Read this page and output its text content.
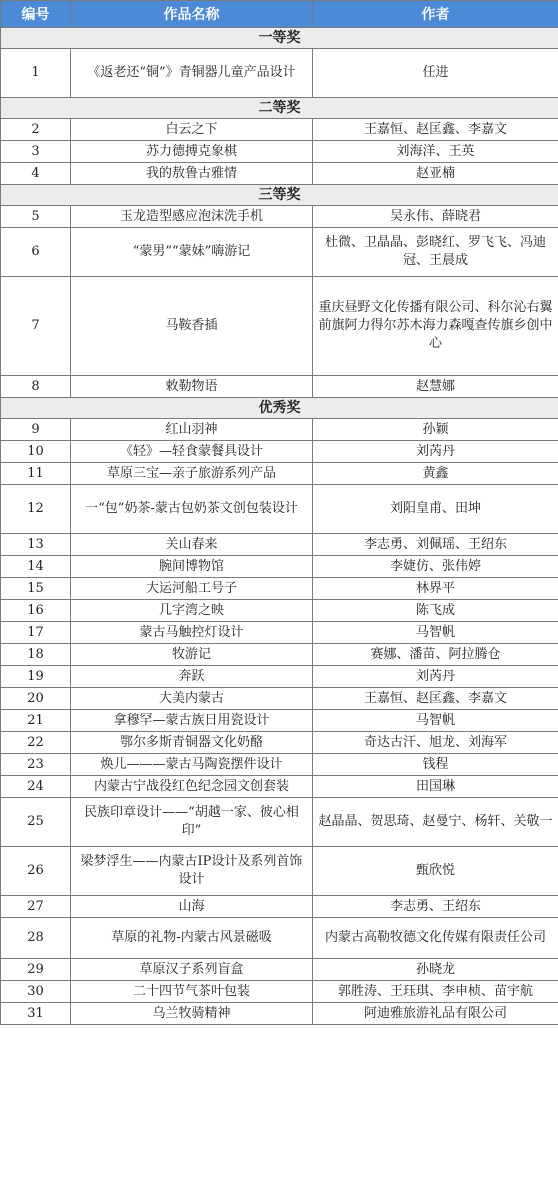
编号	作品名称	作者
一等奖		
1	《返老还“铜”》青铜器儿童产品设计	任进
二等奖		
2	白云之下	王嘉恒、赵匡鑫、李嘉文
3	苏力德搏克象棋	刘海洋、王英
4	我的敖鲁古雅情	赵亚楠
三等奖		
5	玉龙造型感应泡沫洗手机	吴永伟、薛晓君
6	“蒙男”“蒙妹”嗨游记	杜微、卫晶晶、彭晓红、罗飞飞、冯迪冠、王晨成
7	马鞍香插	重庆昼野文化传播有限公司、科尔沁右翼前旗阿力得尔苏木海力森嘎查传旗乡创中心
8	敕勒物语	赵慧娜
优秀奖		
9	红山羽神	孙颖
10	《轻》—轻食蒙餐具设计	刘芮丹
11	草原三宝—亲子旅游系列产品	黄鑫
12	一“包”奶茶-蒙古包奶茶文创包装设计	刘阳皇甫、田坤
13	关山春来	李志勇、刘佩瑶、王绍东
14	腕间博物馆	李婕仿、张伟婷
15	大运河船工号子	林界平
16	几字湾之映	陈飞成
17	蒙古马触控灯设计	马智帆
18	牧游记	赛娜、潘苗、阿拉腾仓
19	奔跃	刘芮丹
20	大美内蒙古	王嘉恒、赵匡鑫、李嘉文
21	拿穆罕—蒙古族日用瓷设计	马智帆
22	鄂尔多斯青铜器文化奶酪	奇达古汗、旭龙、刘海军
23	焕儿———蒙古马陶瓷摆件设计	钱程
24	内蒙古宁战役红色纪念园文创套装	田国琳
25	民族印章设计——“胡越一家、彼心相印”	赵晶晶、贺思琦、赵曼宁、杨轩、关敬一
26	梁梦浮生——内蒙古IP设计及系列首饰设计	甄欣悦
27	山海	李志勇、王绍东
28	草原的礼物-内蒙古风景磁吸	内蒙古高勒牧德文化传媒有限责任公司
29	草原汉子系列盲盒	孙晓龙
30	二十四节气茶叶包装	郭胜涛、王珏琪、李申桢、苗宇航
31	乌兰牧骑精神	阿迪雅旅游礼品有限公司
